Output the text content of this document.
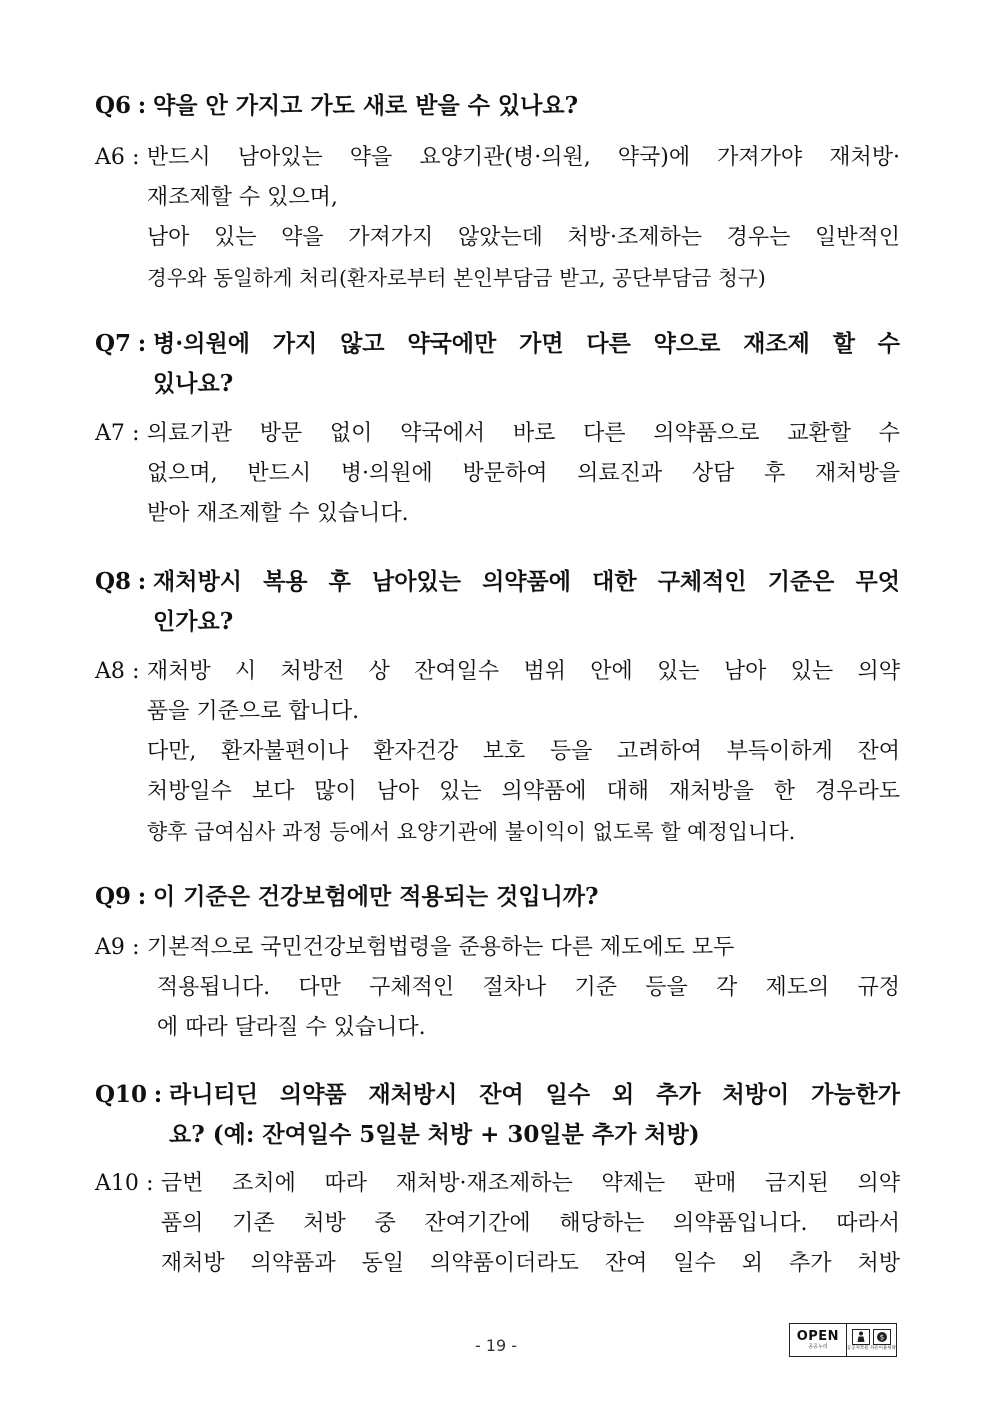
Q6 : 약을 안 가지고 가도 새로 받을 수 있나요?
A6 : 반드시 남아있는 약을 요양기관(병·의원, 약국)에 가져가야 재처방·
재조제할 수 있으며,
남아 있는 약을 가져가지 않았는데 처방·조제하는 경우는 일반적인
경우와 동일하게 처리(환자로부터 본인부담금 받고, 공단부담금 청구)
Q7 : 병·의원에 가지 않고 약국에만 가면 다른 약으로 재조제 할 수
있나요?
A7 : 의료기관 방문 없이 약국에서 바로 다른 의약품으로 교환할 수
없으며, 반드시 병·의원에 방문하여 의료진과 상담 후 재처방을
받아 재조제할 수 있습니다.
Q8 : 재처방시 복용 후 남아있는 의약품에 대한 구체적인 기준은 무엇
인가요?
A8 : 재처방 시 처방전 상 잔여일수 범위 안에 있는 남아 있는 의약
품을 기준으로 합니다.
다만, 환자불편이나 환자건강 보호 등을 고려하여 부득이하게 잔여
처방일수 보다 많이 남아 있는 의약품에 대해 재처방을 한 경우라도
향후 급여심사 과정 등에서 요양기관에 불이익이 없도록 할 예정입니다.
Q9 : 이 기준은 건강보험에만 적용되는 것입니까?
A9 : 기본적으로 국민건강보험법령을 준용하는 다른 제도에도 모두
적용됩니다. 다만 구체적인 절차나 기준 등을 각 제도의 규정
에 따라 달라질 수 있습니다.
Q10 : 라니티딘 의약품 재처방시 잔여 일수 외 추가 처방이 가능한가
요? (예: 잔여일수 5일분 처방 + 30일분 추가 처방)
A10 : 금번 조치에 따라 재처방·재조제하는 약제는 판매 금지된 의약
품의 기존 처방 중 잔여기간에 해당하는 의약품입니다. 따라서
재처방 의약품과 동일 의약품이더라도 잔여 일수 외 추가 처방
- 19 -	OPEN
공공누리
$
공공저작물 자유이용허락
